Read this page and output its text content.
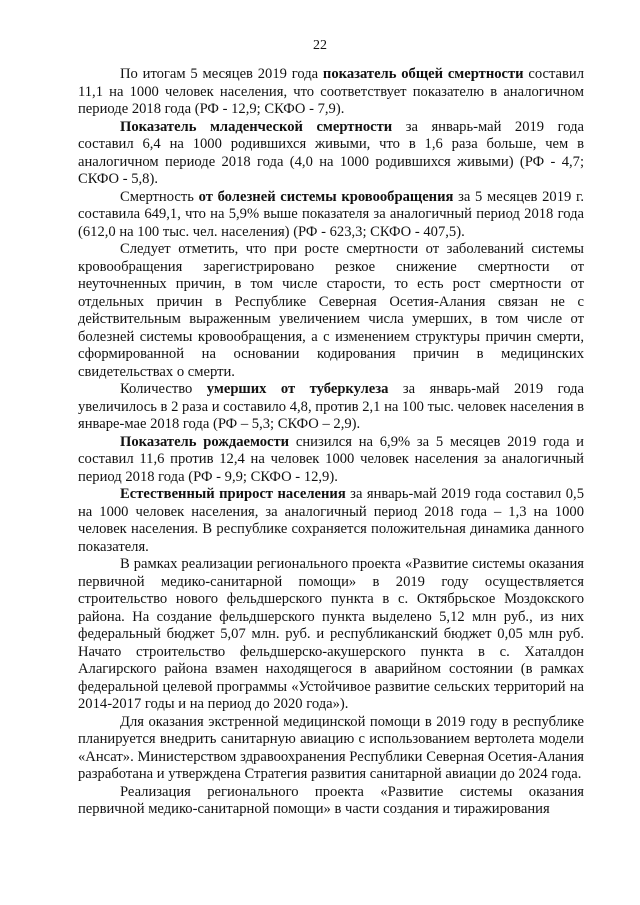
22

По итогам 5 месяцев 2019 года показатель общей смертности составил 11,1 на 1000 человек населения, что соответствует показателю в аналогичном периоде 2018 года (РФ - 12,9; СКФО - 7,9).

Показатель младенческой смертности за январь-май 2019 года составил 6,4 на 1000 родившихся живыми, что в 1,6 раза больше, чем в аналогичном периоде 2018 года (4,0 на 1000 родившихся живыми) (РФ - 4,7; СКФО - 5,8).

Смертность от болезней системы кровообращения за 5 месяцев 2019 г. составила 649,1, что на 5,9% выше показателя за аналогичный период 2018 года (612,0 на 100 тыс. чел. населения) (РФ - 623,3; СКФО - 407,5).

Следует отметить, что при росте смертности от заболеваний системы кровообращения зарегистрировано резкое снижение смертности от неуточненных причин, в том числе старости, то есть рост смертности от отдельных причин в Республике Северная Осетия-Алания связан не с действительным выраженным увеличением числа умерших, в том числе от болезней системы кровообращения, а с изменением структуры причин смерти, сформированной на основании кодирования причин в медицинских свидетельствах о смерти.

Количество умерших от туберкулеза за январь-май 2019 года увеличилось в 2 раза и составило 4,8, против 2,1 на 100 тыс. человек населения в январе-мае 2018 года (РФ – 5,3; СКФО – 2,9).

Показатель рождаемости снизился на 6,9% за 5 месяцев 2019 года и составил 11,6 против 12,4 на человек 1000 человек населения за аналогичный период 2018 года (РФ - 9,9; СКФО - 12,9).

Естественный прирост населения за январь-май 2019 года составил 0,5 на 1000 человек населения, за аналогичный период 2018 года – 1,3 на 1000 человек населения. В республике сохраняется положительная динамика данного показателя.

В рамках реализации регионального проекта «Развитие системы оказания первичной медико-санитарной помощи» в 2019 году осуществляется строительство нового фельдшерского пункта в с. Октябрьское Моздокского района. На создание фельдшерского пункта выделено 5,12 млн руб., из них федеральный бюджет 5,07 млн. руб. и республиканский бюджет 0,05 млн руб. Начато строительство фельдшерско-акушерского пункта в с. Хаталдон Алагирского района взамен находящегося в аварийном состоянии (в рамках федеральной целевой программы «Устойчивое развитие сельских территорий на 2014-2017 годы и на период до 2020 года»).

Для оказания экстренной медицинской помощи в 2019 году в республике планируется внедрить санитарную авиацию с использованием вертолета модели «Ансат». Министерством здравоохранения Республики Северная Осетия-Алания разработана и утверждена Стратегия развития санитарной авиации до 2024 года.

Реализация регионального проекта «Развитие системы оказания первичной медико-санитарной помощи» в части создания и тиражирования
